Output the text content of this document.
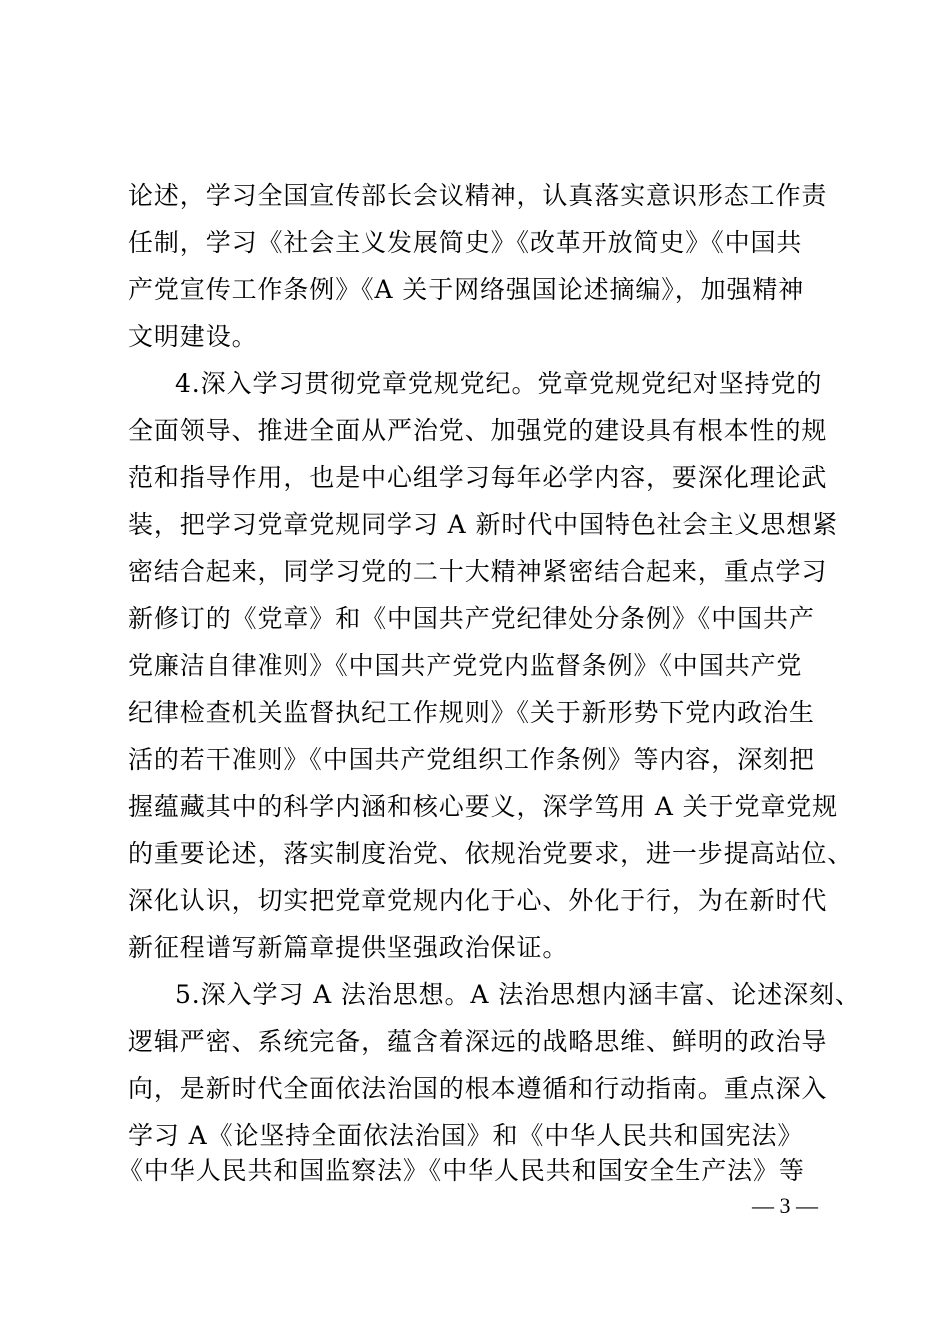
论述，学习全国宣传部长会议精神，认真落实意识形态工作责
任制，学习《社会主义发展简史》《改革开放简史》《中国共
产党宣传工作条例》《A 关于网络强国论述摘编》，加强精神
文明建设。
4.深入学习贯彻党章党规党纪。党章党规党纪对坚持党的
全面领导、推进全面从严治党、加强党的建设具有根本性的规
范和指导作用，也是中心组学习每年必学内容，要深化理论武
装，把学习党章党规同学习 A 新时代中国特色社会主义思想紧
密结合起来，同学习党的二十大精神紧密结合起来，重点学习
新修订的《党章》和《中国共产党纪律处分条例》《中国共产
党廉洁自律准则》《中国共产党党内监督条例》《中国共产党
纪律检查机关监督执纪工作规则》《关于新形势下党内政治生
活的若干准则》《中国共产党组织工作条例》等内容，深刻把
握蕴藏其中的科学内涵和核心要义，深学笃用 A 关于党章党规
的重要论述，落实制度治党、依规治党要求，进一步提高站位、
深化认识，切实把党章党规内化于心、外化于行，为在新时代
新征程谱写新篇章提供坚强政治保证。
5.深入学习 A 法治思想。A 法治思想内涵丰富、论述深刻、
逻辑严密、系统完备，蕴含着深远的战略思维、鲜明的政治导
向，是新时代全面依法治国的根本遵循和行动指南。重点深入
学习 A《论坚持全面依法治国》和《中华人民共和国宪法》
《中华人民共和国监察法》《中华人民共和国安全生产法》等
— 3 —
